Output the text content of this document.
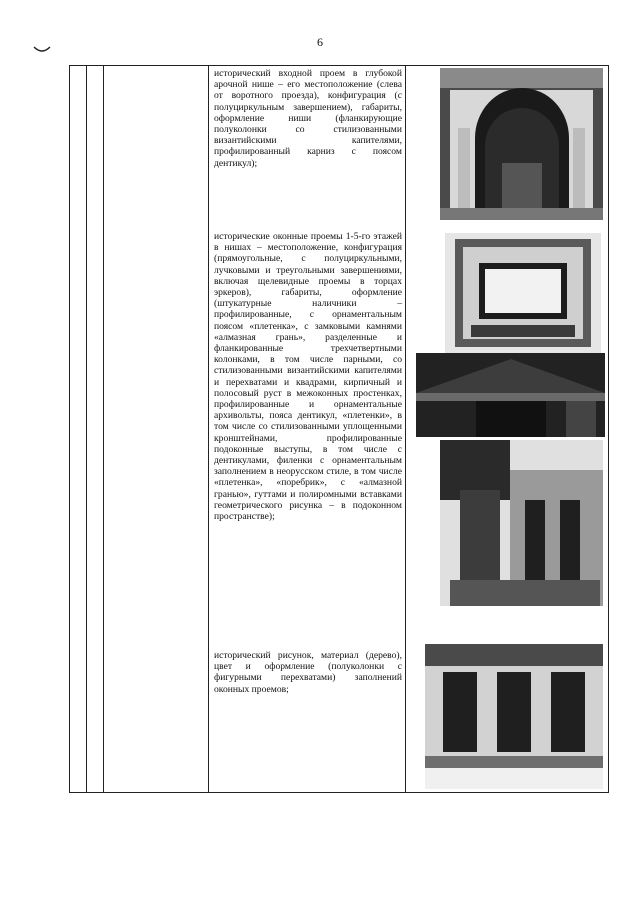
6

исторический входной проем в глубокой арочной нише – его местоположение (слева от воротного проезда), конфигурация (с полуциркульным завершением), габариты, оформление ниши (фланкирующие полуколонки со стилизованными византийскими капителями, профилированный карниз с поясом дентикул);

исторические оконные проемы 1-5-го этажей в нишах – местоположение, конфигурация (прямоугольные, с полуциркульными, лучковыми и треугольными завершениями, включая щелевидные проемы в торцах эркеров), габариты, оформление (штукатурные наличники – профилированные, с орнаментальным поясом «плетенка», с замковыми камнями «алмазная грань», разделенные и фланкированные трехчетвертными колонками, в том числе парными, со стилизованными византийскими капителями и перехватами и квадрами, кирпичный и полосовый руст в межоконных простенках, профилированные и орнаментальные архивольты, пояса дентикул, «плетенки», в том числе со стилизованными уплощенными кронштейнами, профилированные подоконные выступы, в том числе с дентикулами, филенки с орнаментальным заполнением в неорусском стиле, в том числе «плетенка», «поребрик», с «алмазной гранью», гуттами и полиромными вставками геометрического рисунка – в подоконном пространстве);

исторический рисунок, материал (дерево), цвет и оформление (полуколонки с фигурными перехватами) заполнений оконных проемов;
